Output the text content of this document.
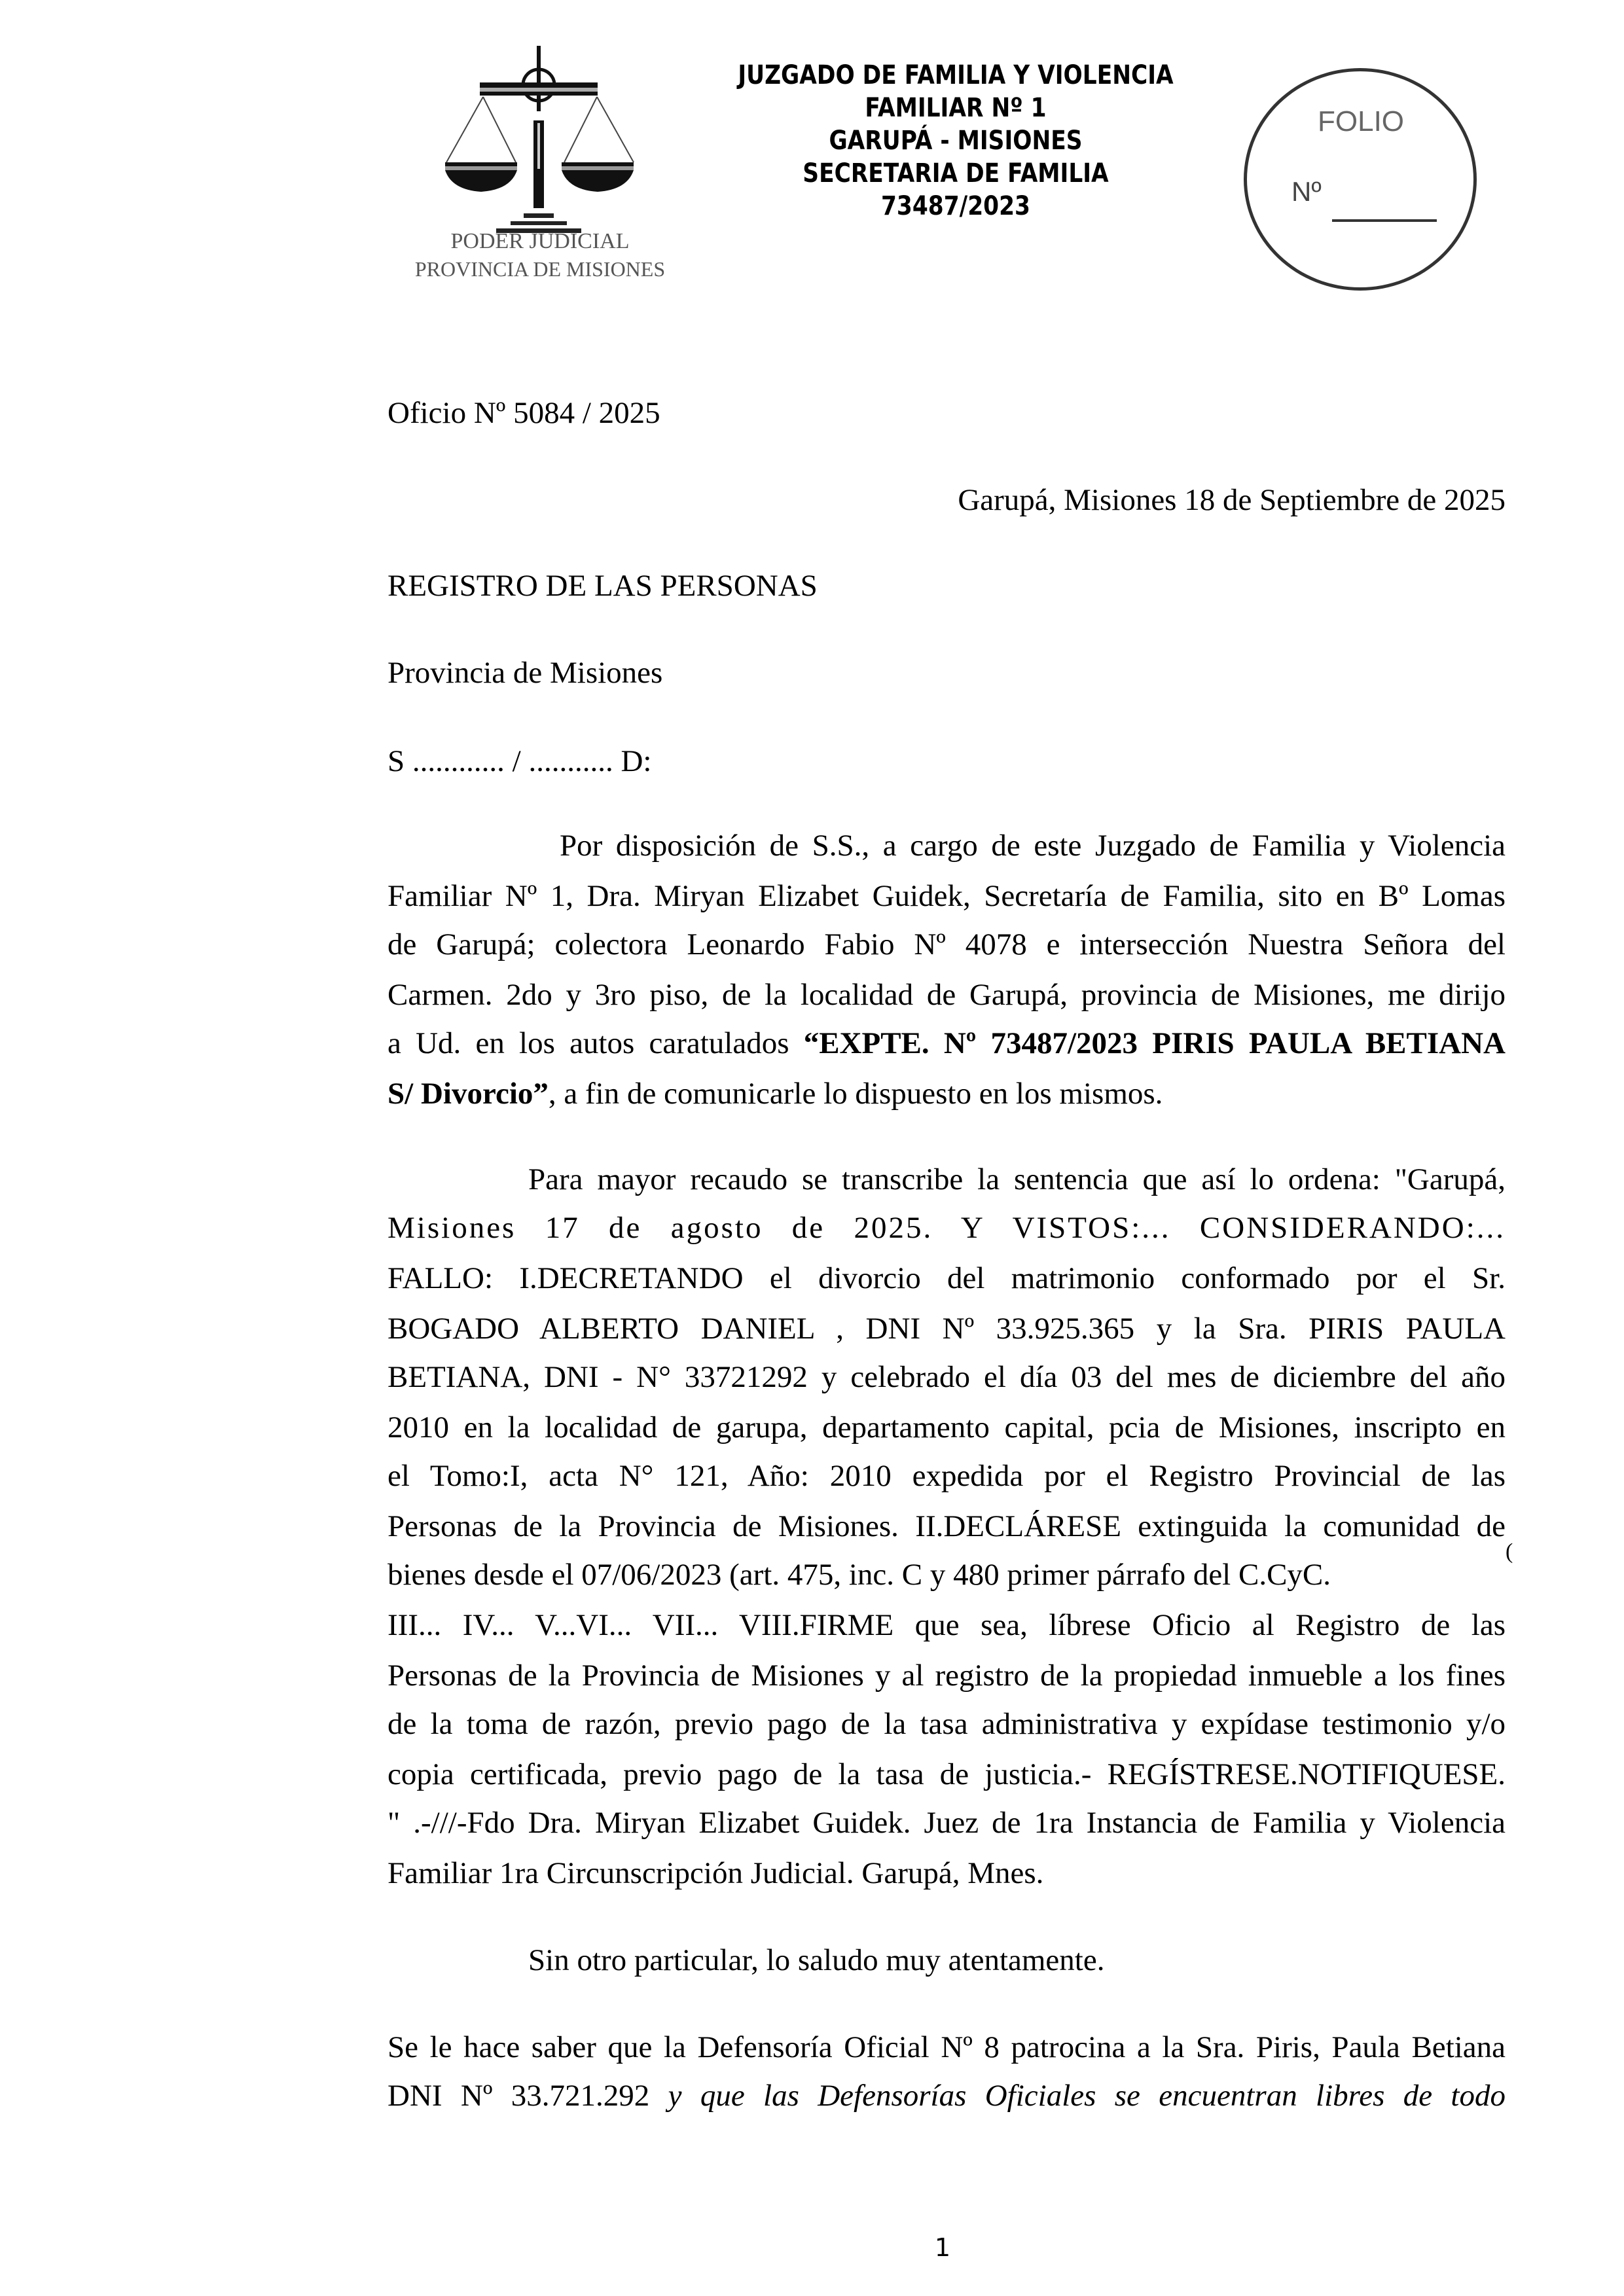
PODER JUDICIAL
PROVINCIA DE MISIONES
JUZGADO DE FAMILIA Y VIOLENCIA
FAMILIAR Nº 1
GARUPÁ - MISIONES
SECRETARIA DE FAMILIA
73487/2023
FOLIO
Nº
Oficio Nº 5084 / 2025
Garupá, Misiones 18 de Septiembre de 2025
REGISTRO DE LAS PERSONAS
Provincia de Misiones
S ............ / ........... D:
Por disposición de S.S., a cargo de este Juzgado de Familia y Violencia
Familiar Nº 1, Dra. Miryan Elizabet Guidek, Secretaría de Familia, sito en Bº Lomas
de Garupá; colectora Leonardo Fabio Nº 4078 e intersección Nuestra Señora del
Carmen. 2do y 3ro piso, de la localidad de Garupá, provincia de Misiones, me dirijo
a Ud. en los autos caratulados “EXPTE. Nº 73487/2023 PIRIS PAULA BETIANA
S/ Divorcio”, a fin de comunicarle lo dispuesto en los mismos.
Para mayor recaudo se transcribe la sentencia que así lo ordena: "Garupá,
Misiones 17 de agosto de 2025. Y VISTOS:... CONSIDERANDO:...
FALLO: I.DECRETANDO el divorcio del matrimonio conformado por el Sr.
BOGADO ALBERTO DANIEL , DNI Nº 33.925.365 y la Sra. PIRIS PAULA
BETIANA, DNI - N° 33721292 y celebrado el día 03 del mes de diciembre del año
2010 en la localidad de garupa, departamento capital, pcia de Misiones, inscripto en
el Tomo:I, acta N° 121, Año: 2010 expedida por el Registro Provincial de las
Personas de la Provincia de Misiones. II.DECLÁRESE extinguida la comunidad de
bienes desde el 07/06/2023 (art. 475, inc. C y 480 primer párrafo del C.CyC.
(
III... IV... V...VI... VII... VIII.FIRME que sea, líbrese Oficio al Registro de las
Personas de la Provincia de Misiones y al registro de la propiedad inmueble a los fines
de la toma de razón, previo pago de la tasa administrativa y expídase testimonio y/o
copia certificada, previo pago de la tasa de justicia.- REGÍSTRESE.NOTIFIQUESE.
" .-///-Fdo Dra. Miryan Elizabet Guidek. Juez de 1ra Instancia de Familia y Violencia
Familiar 1ra Circunscripción Judicial. Garupá, Mnes.
Sin otro particular, lo saludo muy atentamente.
Se le hace saber que la Defensoría Oficial Nº 8 patrocina a la Sra. Piris, Paula Betiana
DNI Nº 33.721.292 y que las Defensorías Oficiales se encuentran libres de todo
1
